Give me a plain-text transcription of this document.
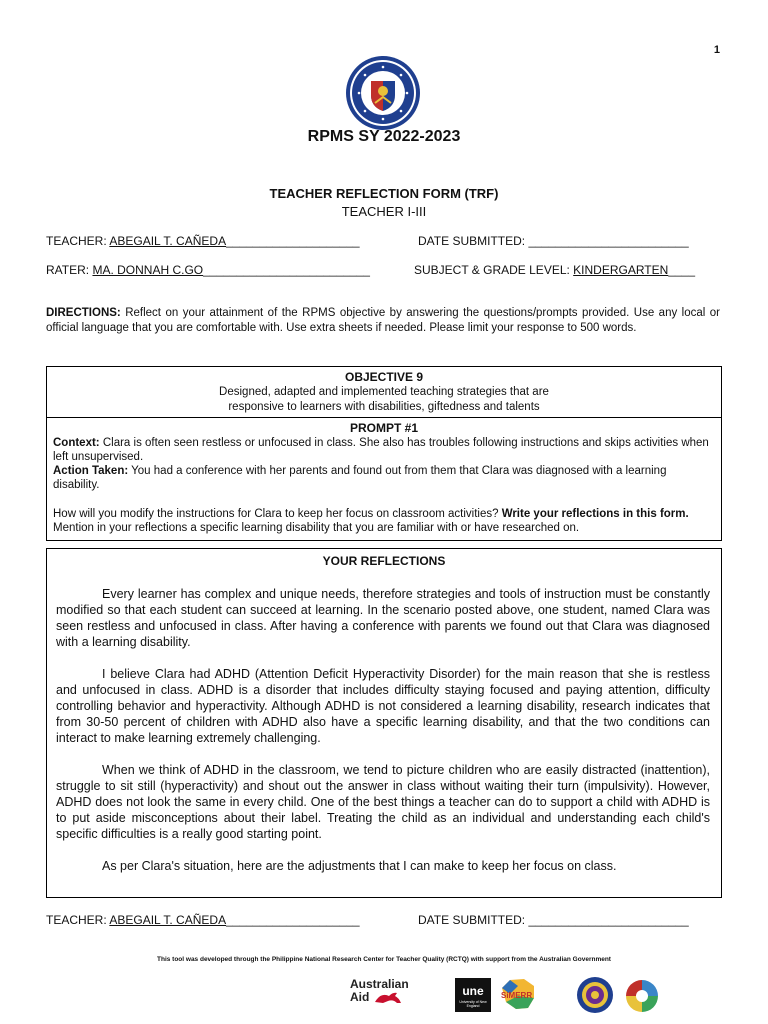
1
RPMS SY 2022-2023
TEACHER REFLECTION FORM (TRF)
TEACHER I-III
TEACHER: ABEGAIL T. CAÑEDA____________________	DATE SUBMITTED: ________________________
RATER: MA. DONNAH C.GO_________________________	SUBJECT & GRADE LEVEL: KINDERGARTEN____
DIRECTIONS: Reflect on your attainment of the RPMS objective by answering the questions/prompts provided. Use any local or official language that you are comfortable with. Use extra sheets if needed. Please limit your response to 500 words.
OBJECTIVE 9
Designed, adapted and implemented teaching strategies that are
responsive to learners with disabilities, giftedness and talents
PROMPT #1
Context: Clara is often seen restless or unfocused in class. She also has troubles following instructions and skips activities when left unsupervised.
Action Taken: You had a conference with her parents and found out from them that Clara was diagnosed with a learning disability.
How will you modify the instructions for Clara to keep her focus on classroom activities? Write your reflections in this form. Mention in your reflections a specific learning disability that you are familiar with or have researched on.
YOUR REFLECTIONS
Every learner has complex and unique needs, therefore strategies and tools of instruction must be constantly modified so that each student can succeed at learning. In the scenario posted above, one student, named Clara was seen restless and unfocused in class. After having a conference with parents we found out that Clara was diagnosed with a learning disability.
I believe Clara had ADHD (Attention Deficit Hyperactivity Disorder) for the main reason that she is restless and unfocused in class. ADHD is a disorder that includes difficulty staying focused and paying attention, difficulty controlling behavior and hyperactivity. Although ADHD is not considered a learning disability, research indicates that from 30-50 percent of children with ADHD also have a specific learning disability, and that the two conditions can interact to make learning extremely challenging.
When we think of ADHD in the classroom, we tend to picture children who are easily distracted (inattention), struggle to sit still (hyperactivity) and shout out the answer in class without waiting their turn (impulsivity). However, ADHD does not look the same in every child. One of the best things a teacher can do to support a child with ADHD is to put aside misconceptions about their label. Treating the child as an individual and understanding each child's specific difficulties is a really good starting point.
As per Clara's situation, here are the adjustments that I can make to keep her focus on class.
TEACHER: ABEGAIL T. CAÑEDA____________________	DATE SUBMITTED: ________________________
This tool was developed through the Philippine National Research Center for Teacher Quality (RCTQ) with support from the Australian Government
Australian
Aid	une
University of New England
SiMERR
